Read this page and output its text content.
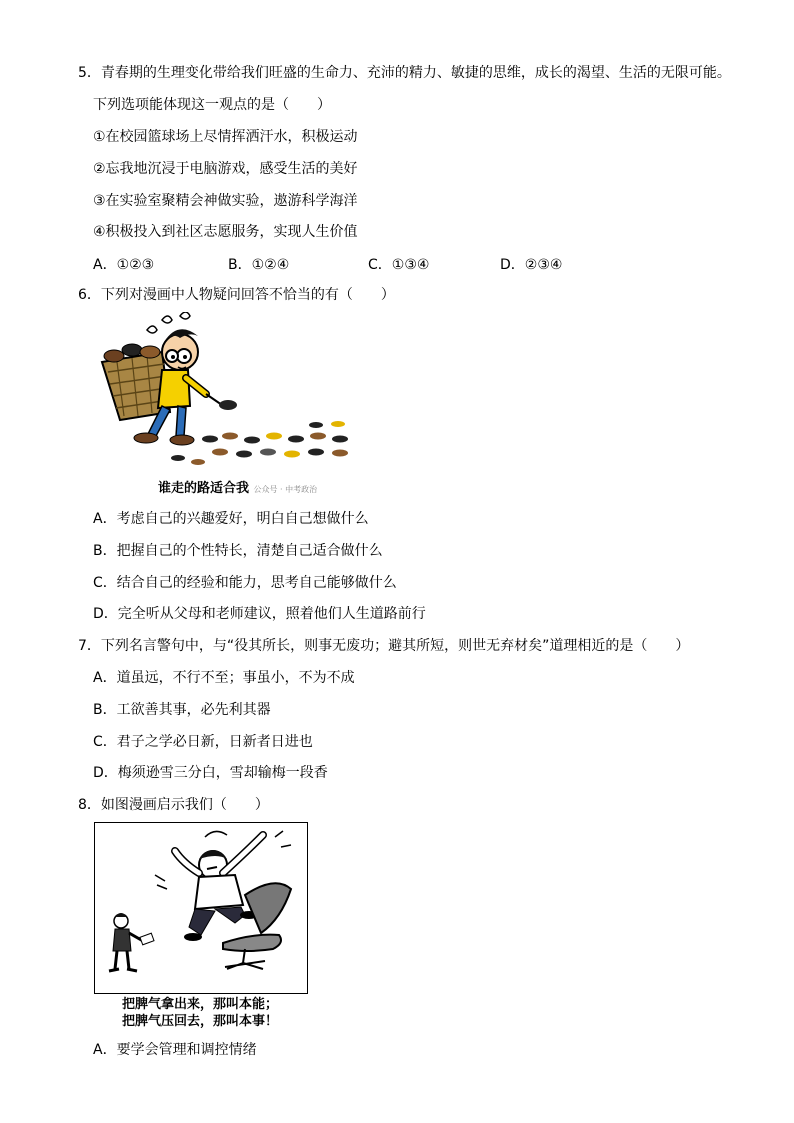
5．青春期的生理变化带给我们旺盛的生命力、充沛的精力、敏捷的思维，成长的渴望、生活的无限可能。
下列选项能体现这一观点的是（　　）
①在校园篮球场上尽情挥洒汗水，积极运动
②忘我地沉浸于电脑游戏，感受生活的美好
③在实验室聚精会神做实验，遨游科学海洋
④积极投入到社区志愿服务，实现人生价值
A．①②③	B．①②④	C．①③④	D．②③④
6．下列对漫画中人物疑问回答不恰当的有（　　）
谁走的路适合我 公众号 · 中考政治
A．考虑自己的兴趣爱好，明白自己想做什么
B．把握自己的个性特长，清楚自己适合做什么
C．结合自己的经验和能力，思考自己能够做什么
D．完全听从父母和老师建议，照着他们人生道路前行
7．下列名言警句中，与“役其所长，则事无废功；避其所短，则世无弃材矣”道理相近的是（　　）
A．道虽远，不行不至；事虽小，不为不成
B．工欲善其事，必先利其器
C．君子之学必日新，日新者日进也
D．梅须逊雪三分白，雪却输梅一段香
8．如图漫画启示我们（　　）
把脾气拿出来，那叫本能；
把脾气压回去，那叫本事！
A．要学会管理和调控情绪
